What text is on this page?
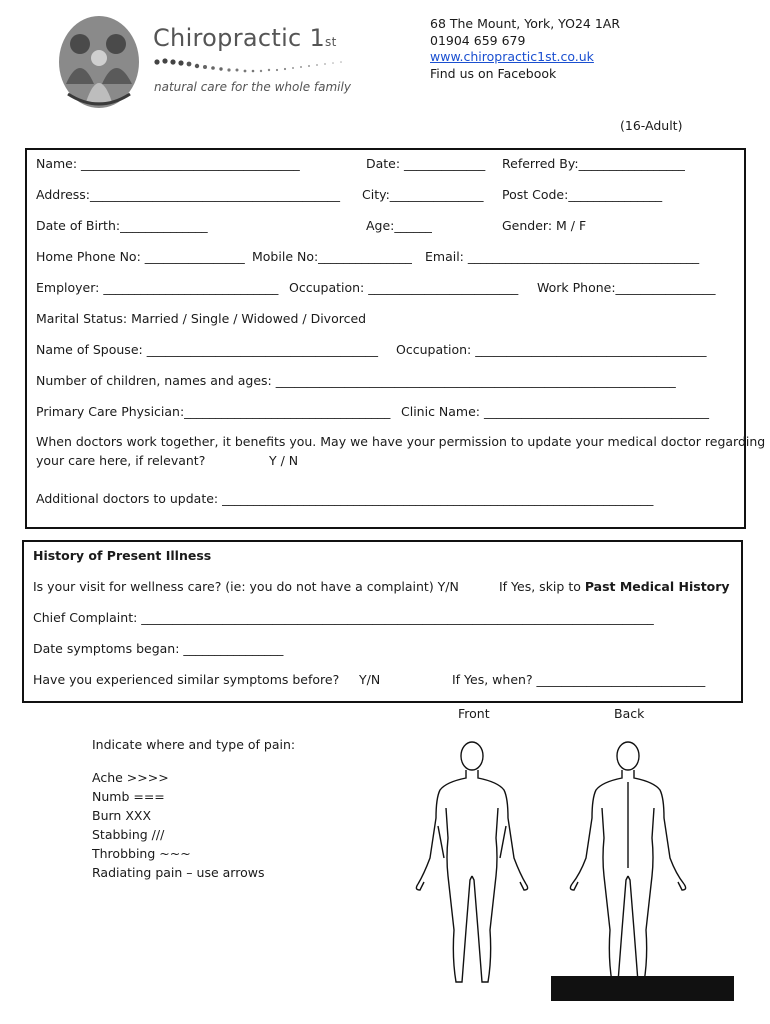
Chiropractic 1st
natural care for the whole family
68 The Mount, York, YO24 1AR
01904 659 679
www.chiropractic1st.co.uk
Find us on Facebook
(16-Adult)
Name: ___________________________________	Date: _____________ Referred By:_________________
Address:________________________________________ City:_______________ Post Code:_______________
Date of Birth:______________	Age:______	Gender: M / F
Home Phone No: ________________ Mobile No:_______________ Email: _____________________________________
Employer: ____________________________ Occupation: ________________________ Work Phone:________________
Marital Status: Married / Single / Widowed / Divorced
Name of Spouse: _____________________________________ Occupation: _____________________________________
Number of children, names and ages: ________________________________________________________________
Primary Care Physician:_________________________________ Clinic Name: ____________________________________
When doctors work together, it benefits you. May we have your permission to update your medical doctor regarding
your care here, if relevant?	Y / N
Additional doctors to update: _____________________________________________________________________
History of Present Illness
Is your visit for wellness care? (ie: you do not have a complaint) Y/N	If Yes, skip to Past Medical History
Chief Complaint: __________________________________________________________________________________
Date symptoms began: ________________
Have you experienced similar symptoms before? Y/N	If Yes, when? ___________________________
Front	Back
Indicate where and type of pain:
Ache >>>>
Numb ===
Burn XXX
Stabbing ///
Throbbing ~~~
Radiating pain – use arrows
